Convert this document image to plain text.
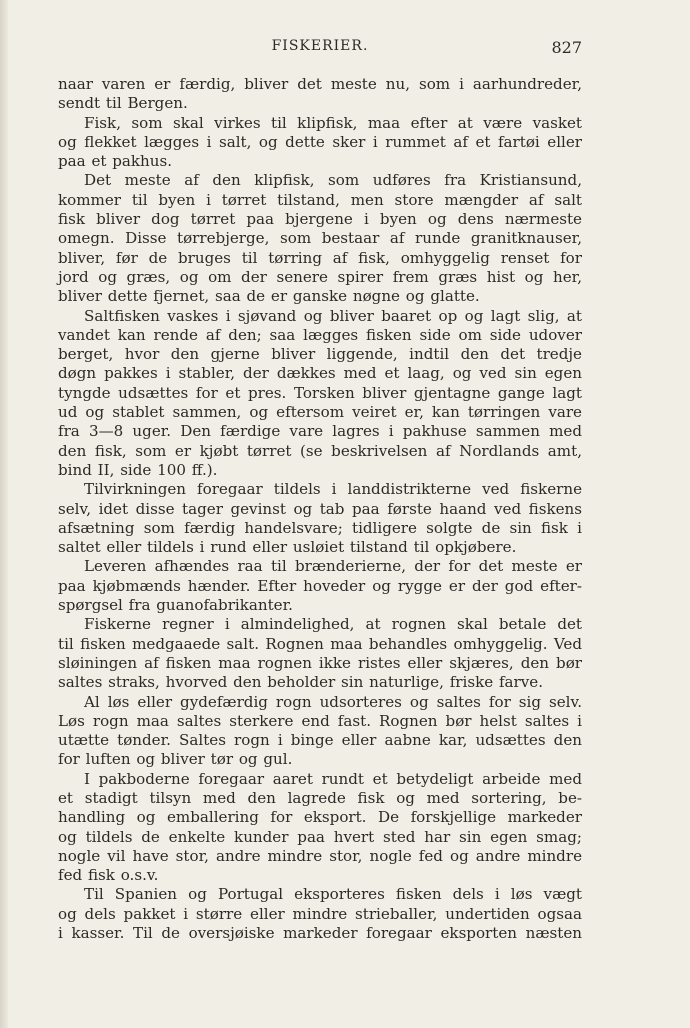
FISKERIER.	827
naar varen er færdig, bliver det meste nu, som i aarhundreder,
sendt til Bergen.
Fisk, som skal virkes til klipfisk, maa efter at være vasket
og flekket lægges i salt, og dette sker i rummet af et fartøi eller
paa et pakhus.
Det meste af den klipfisk, som udføres fra Kristiansund,
kommer til byen i tørret tilstand, men store mængder af salt
fisk bliver dog tørret paa bjergene i byen og dens nærmeste
omegn. Disse tørrebjerge, som bestaar af runde granitknauser,
bliver, før de bruges til tørring af fisk, omhyggelig renset for
jord og græs, og om der senere spirer frem græs hist og her,
bliver dette fjernet, saa de er ganske nøgne og glatte.
Saltfisken vaskes i sjøvand og bliver baaret op og lagt slig, at
vandet kan rende af den; saa lægges fisken side om side udover
berget, hvor den gjerne bliver liggende, indtil den det tredje
døgn pakkes i stabler, der dækkes med et laag, og ved sin egen
tyngde udsættes for et pres. Torsken bliver gjentagne gange lagt
ud og stablet sammen, og eftersom veiret er, kan tørringen vare
fra 3—8 uger. Den færdige vare lagres i pakhuse sammen med
den fisk, som er kjøbt tørret (se beskrivelsen af Nordlands amt,
bind II, side 100 ff.).
Tilvirkningen foregaar tildels i landdistrikterne ved fiskerne
selv, idet disse tager gevinst og tab paa første haand ved fiskens
afsætning som færdig handelsvare; tidligere solgte de sin fisk i
saltet eller tildels i rund eller usløiet tilstand til opkjøbere.
Leveren afhændes raa til brænderierne, der for det meste er
paa kjøbmænds hænder. Efter hoveder og rygge er der god efter-
spørgsel fra guanofabrikanter.
Fiskerne regner i almindelighed, at rognen skal betale det
til fisken medgaaede salt. Rognen maa behandles omhyggelig. Ved
sløiningen af fisken maa rognen ikke ristes eller skjæres, den bør
saltes straks, hvorved den beholder sin naturlige, friske farve.
Al løs eller gydefærdig rogn udsorteres og saltes for sig selv.
Løs rogn maa saltes sterkere end fast. Rognen bør helst saltes i
utætte tønder. Saltes rogn i binge eller aabne kar, udsættes den
for luften og bliver tør og gul.
I pakboderne foregaar aaret rundt et betydeligt arbeide med
et stadigt tilsyn med den lagrede fisk og med sortering, be-
handling og emballering for eksport. De forskjellige markeder
og tildels de enkelte kunder paa hvert sted har sin egen smag;
nogle vil have stor, andre mindre stor, nogle fed og andre mindre
fed fisk o.s.v.
Til Spanien og Portugal eksporteres fisken dels i løs vægt
og dels pakket i større eller mindre strieballer, undertiden ogsaa
i kasser. Til de oversjøiske markeder foregaar eksporten næsten
